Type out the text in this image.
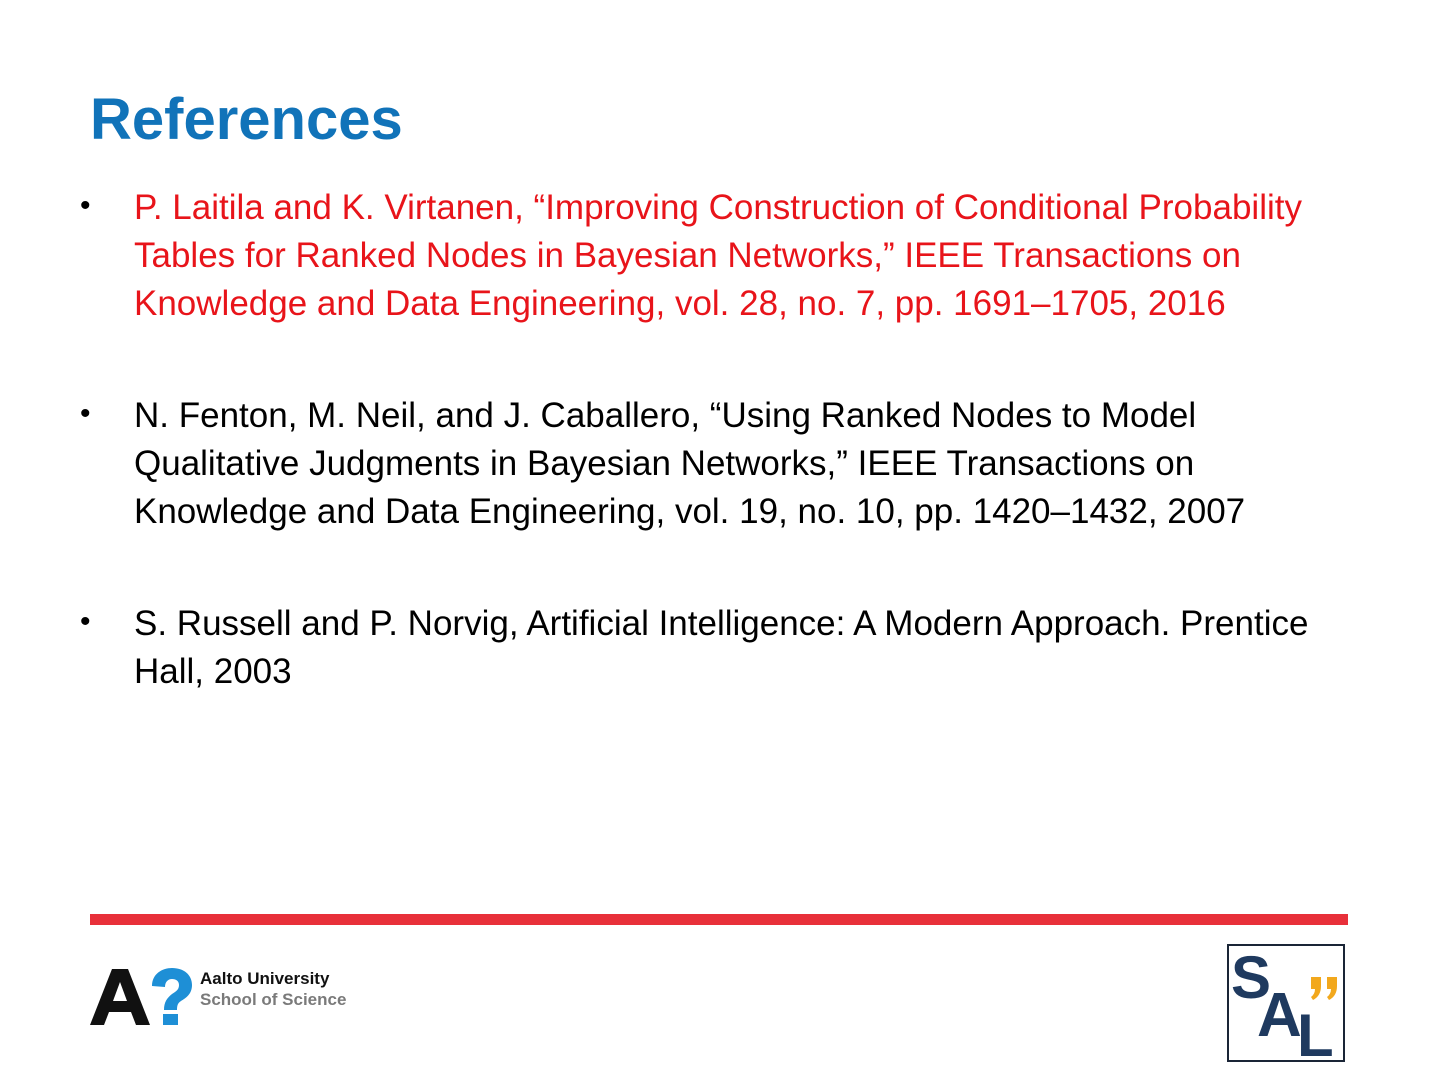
References
• P. Laitila and K. Virtanen, “Improving Construction of Conditional Probability Tables for Ranked Nodes in Bayesian Networks,” IEEE Transactions on Knowledge and Data Engineering, vol. 28, no. 7, pp. 1691–1705, 2016
• N. Fenton, M. Neil, and J. Caballero, “Using Ranked Nodes to Model Qualitative Judgments in Bayesian Networks,” IEEE Transactions on Knowledge and Data Engineering, vol. 19, no. 10, pp. 1420–1432, 2007
• S. Russell and P. Norvig, Artificial Intelligence: A Modern Approach. Prentice Hall, 2003
Aalto University
School of Science	S
A
L
